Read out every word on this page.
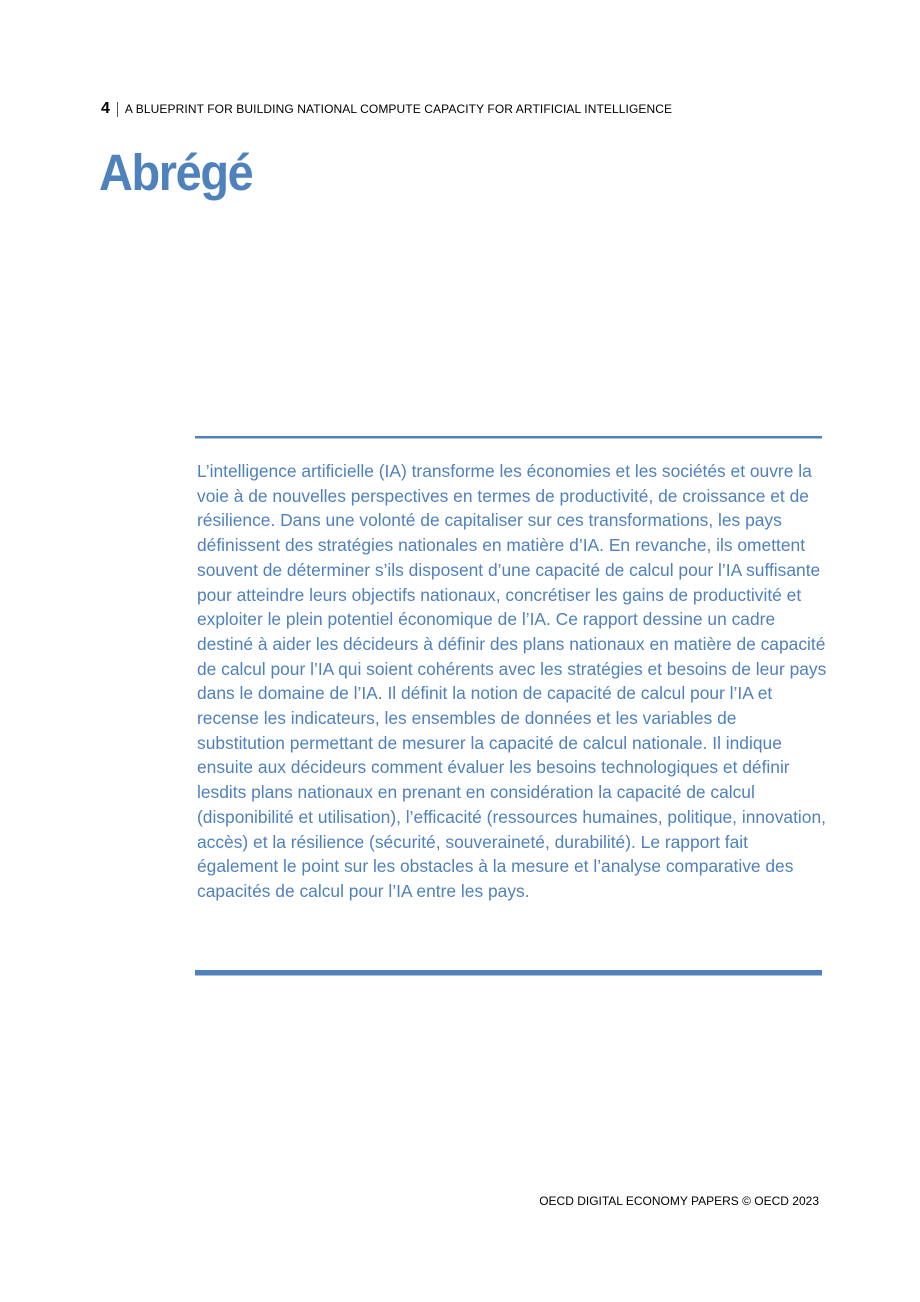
4 A BLUEPRINT FOR BUILDING NATIONAL COMPUTE CAPACITY FOR ARTIFICIAL INTELLIGENCE
Abrégé

L’intelligence artificielle (IA) transforme les économies et les sociétés et ouvre la voie à de nouvelles perspectives en termes de productivité, de croissance et de résilience. Dans une volonté de capitaliser sur ces transformations, les pays définissent des stratégies nationales en matière d’IA. En revanche, ils omettent souvent de déterminer s’ils disposent d’une capacité de calcul pour l’IA suffisante pour atteindre leurs objectifs nationaux, concrétiser les gains de productivité et exploiter le plein potentiel économique de l’IA. Ce rapport dessine un cadre destiné à aider les décideurs à définir des plans nationaux en matière de capacité de calcul pour l’IA qui soient cohérents avec les stratégies et besoins de leur pays dans le domaine de l’IA. Il définit la notion de capacité de calcul pour l’IA et recense les indicateurs, les ensembles de données et les variables de substitution permettant de mesurer la capacité de calcul nationale. Il indique ensuite aux décideurs comment évaluer les besoins technologiques et définir lesdits plans nationaux en prenant en considération la capacité de calcul (disponibilité et utilisation), l’efficacité (ressources humaines, politique, innovation, accès) et la résilience (sécurité, souveraineté, durabilité). Le rapport fait également le point sur les obstacles à la mesure et l’analyse comparative des capacités de calcul pour l’IA entre les pays.

OECD DIGITAL ECONOMY PAPERS © OECD 2023
